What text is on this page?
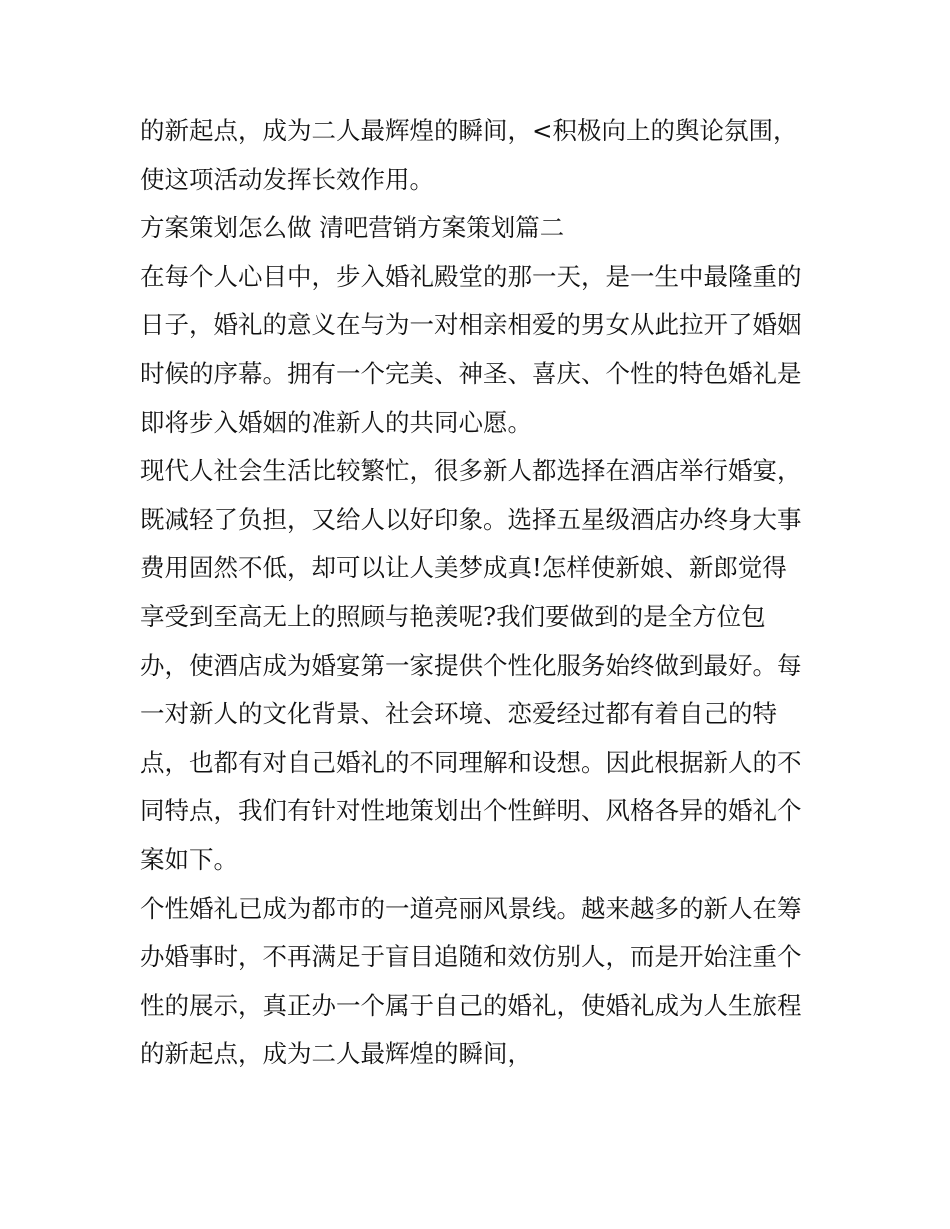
的新起点，成为二人最辉煌的瞬间，<积极向上的舆论氛围，
使这项活动发挥长效作用。
方案策划怎么做 清吧营销方案策划篇二
在每个人心目中，步入婚礼殿堂的那一天，是一生中最隆重的
日子，婚礼的意义在与为一对相亲相爱的男女从此拉开了婚姻
时候的序幕。拥有一个完美、神圣、喜庆、个性的特色婚礼是
即将步入婚姻的准新人的共同心愿。
现代人社会生活比较繁忙，很多新人都选择在酒店举行婚宴，
既减轻了负担，又给人以好印象。选择五星级酒店办终身大事
费用固然不低，却可以让人美梦成真!怎样使新娘、新郎觉得
享受到至高无上的照顾与艳羡呢?我们要做到的是全方位包
办，使酒店成为婚宴第一家提供个性化服务始终做到最好。每
一对新人的文化背景、社会环境、恋爱经过都有着自己的特
点，也都有对自己婚礼的不同理解和设想。因此根据新人的不
同特点，我们有针对性地策划出个性鲜明、风格各异的婚礼个
案如下。
个性婚礼已成为都市的一道亮丽风景线。越来越多的新人在筹
办婚事时，不再满足于盲目追随和效仿别人，而是开始注重个
性的展示，真正办一个属于自己的婚礼，使婚礼成为人生旅程
的新起点，成为二人最辉煌的瞬间，
